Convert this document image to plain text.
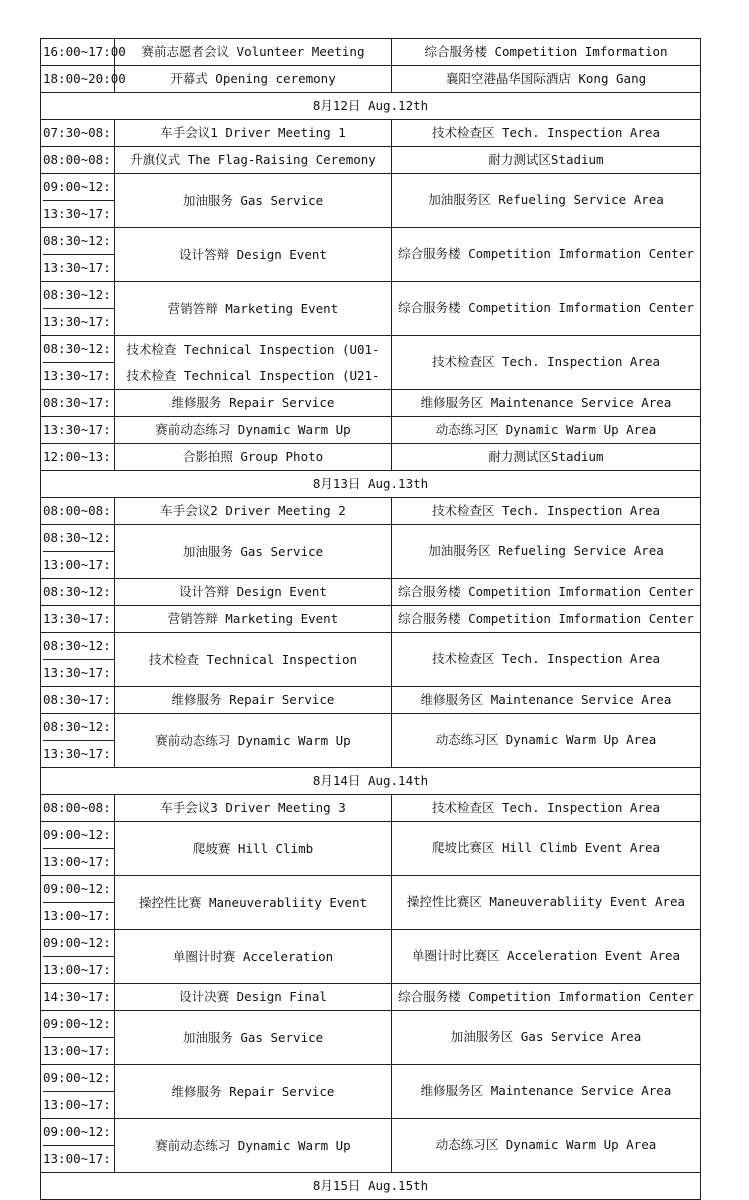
16:00~17:00	赛前志愿者会议 Volunteer Meeting	综合服务楼 Competition Imformation

18:00~20:00	开幕式 Opening ceremony	襄阳空港晶华国际酒店 Kong Gang
8月12日 Aug.12th		

07:30~08:	车手会议1 Driver Meeting 1	技术检查区 Tech. Inspection Area

08:00~08:	升旗仪式 The Flag-Raising Ceremony	耐力测试区Stadium

09:00~12:
13:30~17:	加油服务 Gas Service	加油服务区 Refueling Service Area

08:30~12:
13:30~17:	设计答辩 Design Event	综合服务楼 Competition Imformation Center

08:30~12:
13:30~17:	营销答辩 Marketing Event	综合服务楼 Competition Imformation Center

08:30~12:
13:30~17:	技术检查 Technical Inspection (U01-
技术检查 Technical Inspection (U21-	技术检查区 Tech. Inspection Area

08:30~17:	维修服务 Repair Service	维修服务区 Maintenance Service Area

13:30~17:	赛前动态练习 Dynamic Warm Up	动态练习区 Dynamic Warm Up Area

12:00~13:	合影拍照 Group Photo	耐力测试区Stadium
8月13日 Aug.13th		

08:00~08:	车手会议2 Driver Meeting 2	技术检查区 Tech. Inspection Area

08:30~12:
13:00~17:	加油服务 Gas Service	加油服务区 Refueling Service Area

08:30~12:	设计答辩 Design Event	综合服务楼 Competition Imformation Center

13:30~17:	营销答辩 Marketing Event	综合服务楼 Competition Imformation Center

08:30~12:
13:30~17:	技术检查 Technical Inspection	技术检查区 Tech. Inspection Area

08:30~17:	维修服务 Repair Service	维修服务区 Maintenance Service Area

08:30~12:
13:30~17:	赛前动态练习 Dynamic Warm Up	动态练习区 Dynamic Warm Up Area
8月14日 Aug.14th		

08:00~08:	车手会议3 Driver Meeting 3	技术检查区 Tech. Inspection Area

09:00~12:
13:00~17:	爬坡赛 Hill Climb	爬坡比赛区 Hill Climb Event Area

09:00~12:
13:00~17:	操控性比赛 Maneuverabliity Event	操控性比赛区 Maneuverabliity Event Area

09:00~12:
13:00~17:	单圈计时赛 Acceleration	单圈计时比赛区 Acceleration Event Area

14:30~17:	设计决赛 Design Final	综合服务楼 Competition Imformation Center

09:00~12:
13:00~17:	加油服务 Gas Service	加油服务区 Gas Service Area

09:00~12:
13:00~17:	维修服务 Repair Service	维修服务区 Maintenance Service Area

09:00~12:
13:00~17:	赛前动态练习 Dynamic Warm Up	动态练习区 Dynamic Warm Up Area
8月15日 Aug.15th		
